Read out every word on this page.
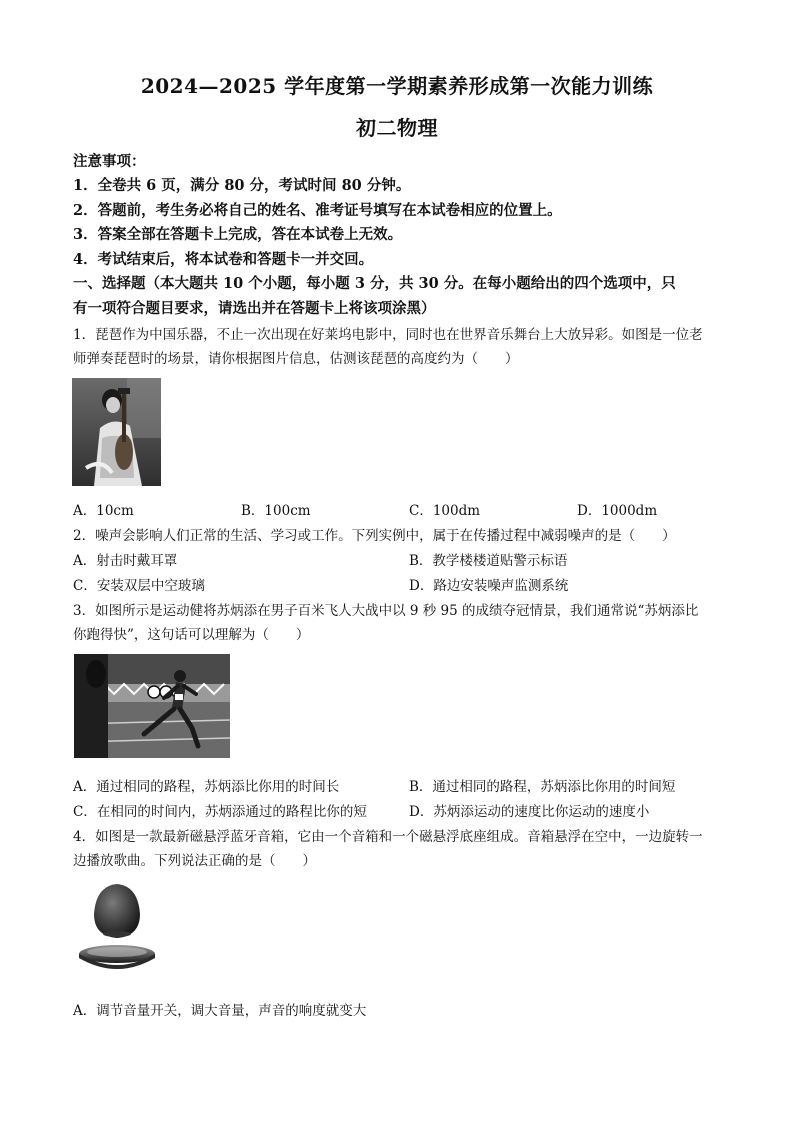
2024—2025 学年度第一学期素养形成第一次能力训练
初二物理
注意事项：
1．全卷共 6 页，满分 80 分，考试时间 80 分钟。
2．答题前，考生务必将自己的姓名、准考证号填写在本试卷相应的位置上。
3．答案全部在答题卡上完成，答在本试卷上无效。
4．考试结束后，将本试卷和答题卡一并交回。
一、选择题（本大题共 10 个小题，每小题 3 分，共 30 分。在每小题给出的四个选项中，只
有一项符合题目要求，请选出并在答题卡上将该项涂黑）
1．琵琶作为中国乐器，不止一次出现在好莱坞电影中，同时也在世界音乐舞台上大放异彩。如图是一位老
师弹奏琵琶时的场景，请你根据图片信息，估测该琵琶的高度约为（　　）
A．10cm	B．100cm	C．100dm	D．1000dm
2．噪声会影响人们正常的生活、学习或工作。下列实例中，属于在传播过程中减弱噪声的是（　　）
A．射击时戴耳罩	B．教学楼楼道贴警示标语
C．安装双层中空玻璃	D．路边安装噪声监测系统
3．如图所示是运动健将苏炳添在男子百米飞人大战中以 9 秒 95 的成绩夺冠情景，我们通常说“苏炳添比
你跑得快”，这句话可以理解为（　　）
A．通过相同的路程，苏炳添比你用的时间长	B．通过相同的路程，苏炳添比你用的时间短
C．在相同的时间内，苏炳添通过的路程比你的短	D．苏炳添运动的速度比你运动的速度小
4．如图是一款最新磁悬浮蓝牙音箱，它由一个音箱和一个磁悬浮底座组成。音箱悬浮在空中，一边旋转一
边播放歌曲。下列说法正确的是（　　）
A．调节音量开关，调大音量，声音的响度就变大
